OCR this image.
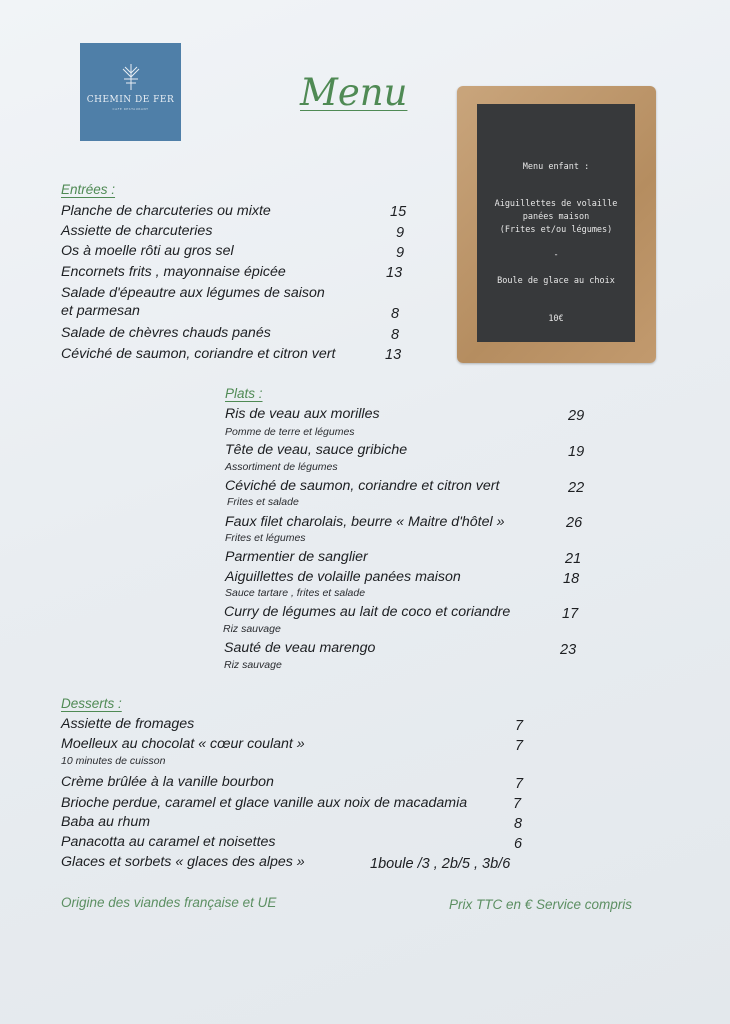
CHEMIN DE FER
CAFE RESTAURANT	Menu
Menu enfant :
Aiguillettes de volaille
panées maison
(Frites et/ou légumes)
-
Boule de glace au choix
10€
Entrées :
Planche de charcuteries ou mixte	15
Assiette de charcuteries	9
Os à moelle rôti au gros sel	9
Encornets frits , mayonnaise épicée	13
Salade d'épeautre aux légumes de saison
et parmesan	8
Salade de chèvres chauds panés	8
Céviché de saumon, coriandre et citron vert	13
Plats :
Ris de veau aux morilles	29
Pomme de terre et légumes
Tête de veau, sauce gribiche	19
Assortiment de légumes
Céviché de saumon, coriandre et citron vert	22
Frites et salade
Faux filet charolais, beurre « Maitre d'hôtel »	26
Frites et légumes
Parmentier de sanglier	21
Aiguillettes de volaille panées maison	18
Sauce tartare , frites et salade
Curry de légumes au lait de coco et coriandre	17
Riz sauvage
Sauté de veau marengo	23
Riz sauvage
Desserts :
Assiette de fromages	7
Moelleux au chocolat « cœur coulant »	7
10 minutes de cuisson
Crème brûlée à la vanille bourbon	7
Brioche perdue, caramel et glace vanille aux noix de macadamia	7
Baba au rhum	8
Panacotta au caramel et noisettes	6
Glaces et sorbets « glaces des alpes »	1boule /3 , 2b/5 , 3b/6
Origine des viandes française et UE	Prix TTC en € Service compris
